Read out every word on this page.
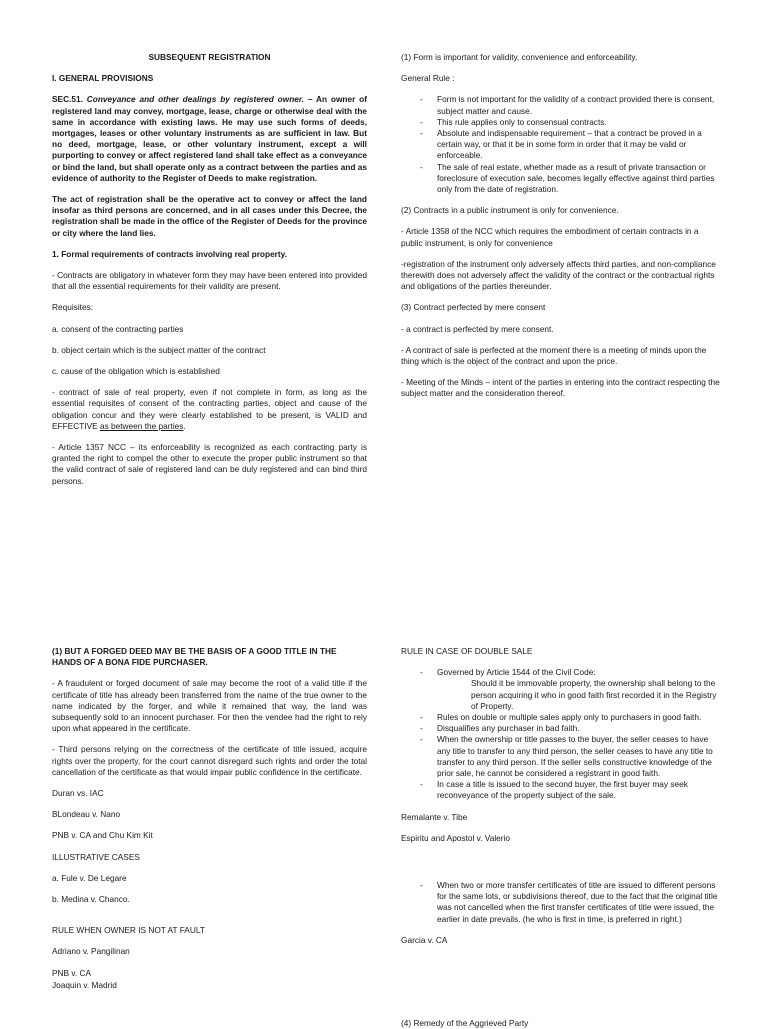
SUBSEQUENT REGISTRATION

I. GENERAL PROVISIONS

SEC.51. Conveyance and other dealings by registered owner. – An owner of registered land may convey, mortgage, lease, charge or otherwise deal with the same in accordance with existing laws. He may use such forms of deeds, mortgages, leases or other voluntary instruments as are sufficient in law. But no deed, mortgage, lease, or other voluntary instrument, except a will purporting to convey or affect registered land shall take effect as a conveyance or bind the land, but shall operate only as a contract between the parties and as evidence of authority to the Register of Deeds to make registration.

The act of registration shall be the operative act to convey or affect the land insofar as third persons are concerned, and in all cases under this Decree, the registration shall be made in the office of the Register of Deeds for the province or city where the land lies.

1. Formal requirements of contracts involving real property.

- Contracts are obligatory in whatever form they may have been entered into provided that all the essential requirements for their validity are present.

Requisites:

a. consent of the contracting parties

b. object certain which is the subject matter of the contract

c. cause of the obligation which is established

- contract of sale of real property, even if not complete in form, as long as the essential requisites of consent of the contracting parties, object and cause of the obligation concur and they were clearly established to be present, is VALID and EFFECTIVE as between the parties.

- Article 1357 NCC – its enforceability is recognized as each contracting party is granted the right to compel the other to execute the proper public instrument so that the valid contract of sale of registered land can be duly registered and can bind third persons.

(1) Form is important for validity, convenience and enforceability.

General Rule :

- Form is not important for the validity of a contract provided there is consent, subject matter and cause.
- This rule applies only to consensual contracts.
- Absolute and indispensable requirement – that a contract be proved in a certain way, or that it be in some form in order that it may be valid or enforceable.
- The sale of real estate, whether made as a result of private transaction or foreclosure of execution sale, becomes legally effective against third parties only from the date of registration.

(2) Contracts in a public instrument is only for convenience.

- Article 1358 of the NCC which requires the embodiment of certain contracts in a public instrument, is only for convenience

-registration of the instrument only adversely affects third parties, and non-compliance therewith does not adversely affect the validity of the contract or the contractual rights and obligations of the parties thereunder.

(3) Contract perfected by mere consent

- a contract is perfected by mere consent.

- A contract of sale is perfected at the moment there is a meeting of minds upon the thing which is the object of the contract and upon the price.

- Meeting of the Minds – intent of the parties in entering into the contract respecting the subject matter and the consideration thereof.

(1) BUT A FORGED DEED MAY BE THE BASIS OF A GOOD TITLE IN THE HANDS OF A BONA FIDE PURCHASER.

- A fraudulent or forged document of sale may become the root of a valid title if the certificate of title has already been transferred from the name of the true owner to the name indicated by the forger, and while it remained that way, the land was subsequently sold to an innocent purchaser. For then the vendee had the right to rely upon what appeared in the certificate.

- Third persons relying on the correctness of the certificate of title issued, acquire rights over the property, for the court cannot disregard such rights and order the total cancellation of the certificate as that would impair public confidence in the certificate.

Duran vs. IAC

BLondeau v. Nano

PNB v. CA and Chu Kim Kit

ILLUSTRATIVE CASES

a. Fule v. De Legare

b. Medina v. Chanco.

RULE WHEN OWNER IS NOT AT FAULT

Adriano v. Pangilinan

PNB v. CA

Joaquin v. Madrid

RULE IN CASE OF DOUBLE SALE

- Governed by Article 1544 of the Civil Code:
Should it be immovable property, the ownership shall belong to the person acquiring it who in good faith first recorded it in the Registry of Property.
- Rules on double or multiple sales apply only to purchasers in good faith.
- Disqualifies any purchaser in bad faith.
- When the ownership or title passes to the buyer, the seller ceases to have any title to transfer to any third person, the seller ceases to have any title to transfer to any third person. If the seller sells constructive knowledge of the prior sale, he cannot be considered a registrant in good faith.
- In case a title is issued to the second buyer, the first buyer may seek reconveyance of the property subject of the sale.

Remalante v. Tibe

Espiritu and Apostol v. Valerio

- When two or more transfer certificates of title are issued to different persons for the same lots, or subdivisions thereof, due to the fact that the original title was not cancelled when the first transfer certificates of title were issued, the earlier in date prevails. (he who is first in time, is preferred in right.)

Garcia v. CA

(4) Remedy of the Aggrieved Party
